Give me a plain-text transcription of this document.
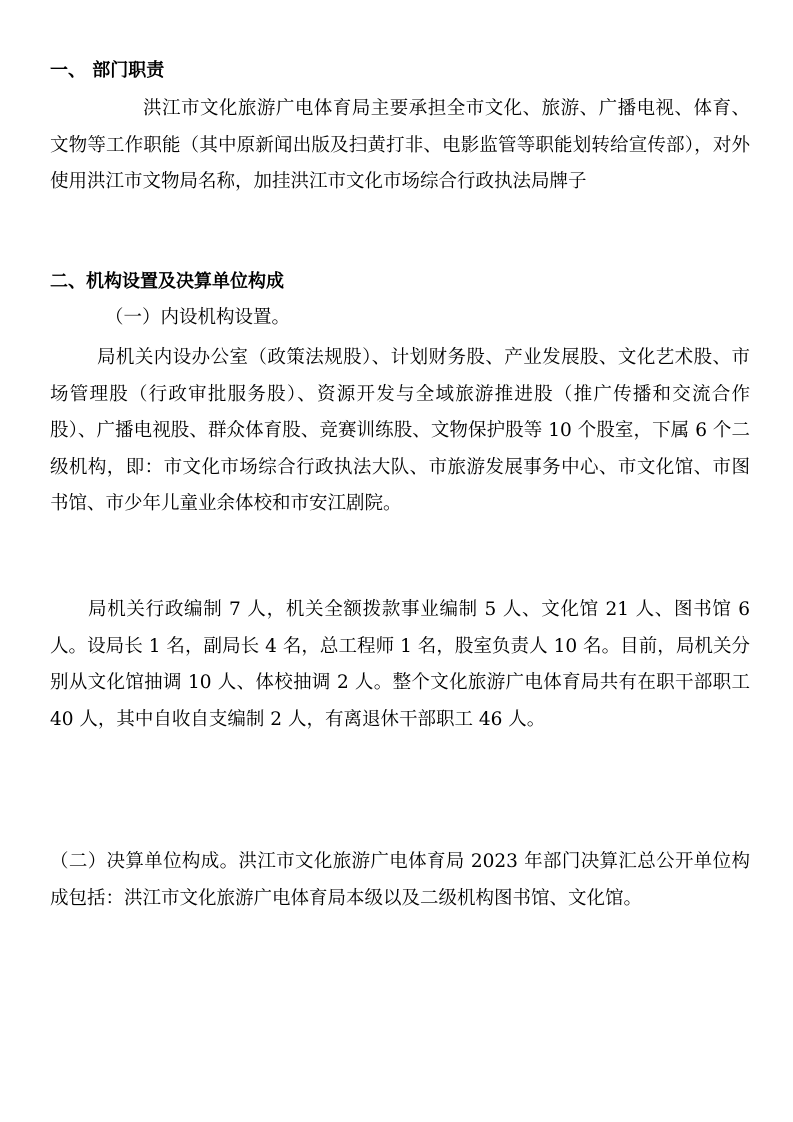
一、 部门职责
洪江市文化旅游广电体育局主要承担全市文化、旅游、广播电视、体育、文物等工作职能（其中原新闻出版及扫黄打非、电影监管等职能划转给宣传部），对外使用洪江市文物局名称，加挂洪江市文化市场综合行政执法局牌子
二、机构设置及决算单位构成
（一）内设机构设置。
局机关内设办公室（政策法规股）、计划财务股、产业发展股、文化艺术股、市场管理股（行政审批服务股）、资源开发与全域旅游推进股（推广传播和交流合作股）、广播电视股、群众体育股、竞赛训练股、文物保护股等 10 个股室，下属 6 个二级机构，即：市文化市场综合行政执法大队、市旅游发展事务中心、市文化馆、市图书馆、市少年儿童业余体校和市安江剧院。
局机关行政编制 7 人，机关全额拨款事业编制 5 人、文化馆 21 人、图书馆 6 人。设局长 1 名，副局长 4 名，总工程师 1 名，股室负责人 10 名。目前，局机关分别从文化馆抽调 10 人、体校抽调 2 人。整个文化旅游广电体育局共有在职干部职工 40 人，其中自收自支编制 2 人，有离退休干部职工 46 人。
（二）决算单位构成。洪江市文化旅游广电体育局 2023 年部门决算汇总公开单位构成包括：洪江市文化旅游广电体育局本级以及二级机构图书馆、文化馆。
